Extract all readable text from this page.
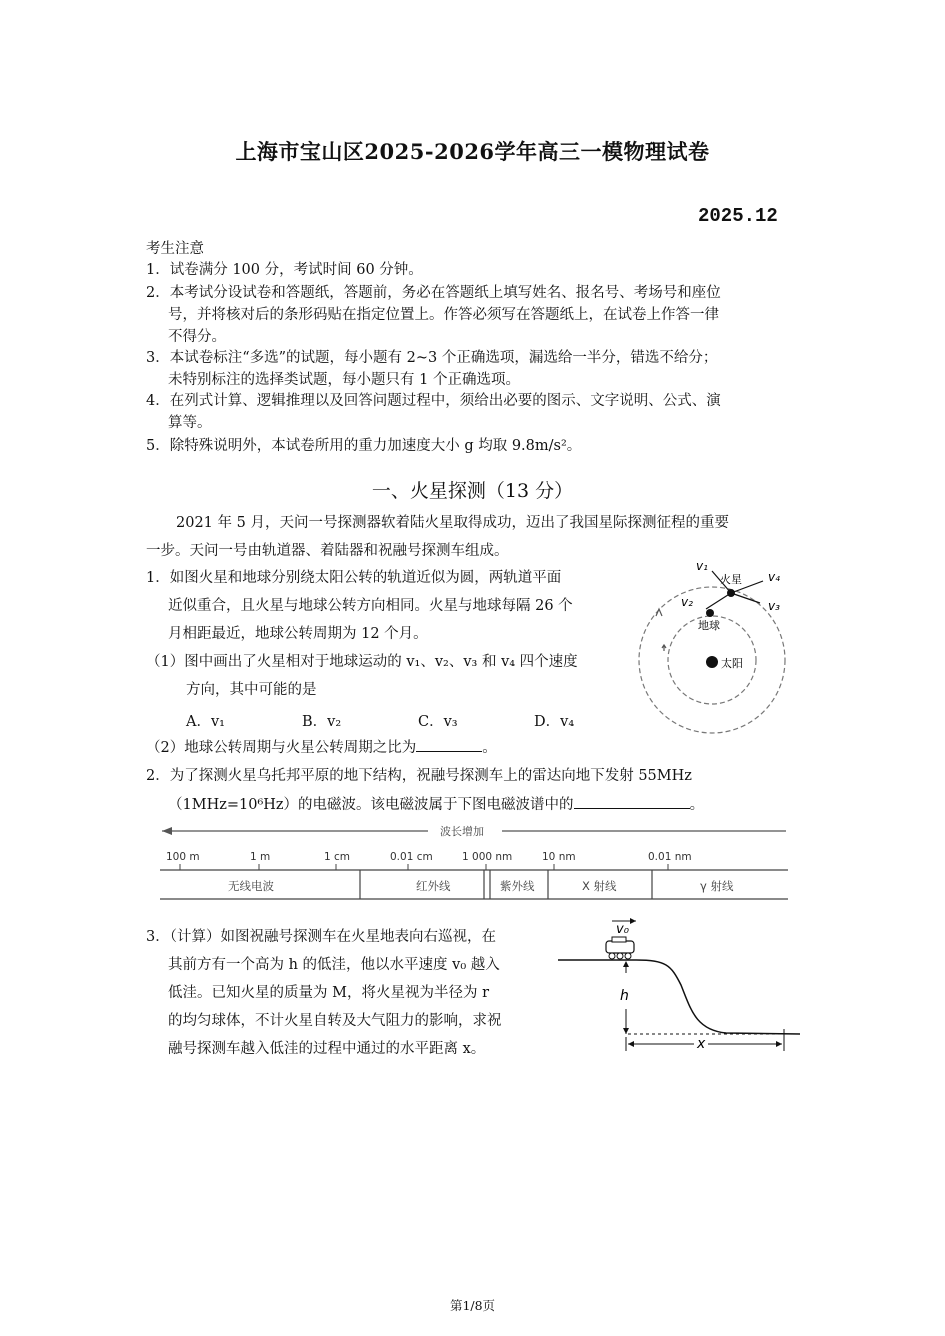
上海市宝山区2025-2026学年高三一模物理试卷
2025.12
考生注意
1．试卷满分 100 分，考试时间 60 分钟。
2．本考试分设试卷和答题纸，答题前，务必在答题纸上填写姓名、报名号、考场号和座位
号，并将核对后的条形码贴在指定位置上。作答必须写在答题纸上，在试卷上作答一律
不得分。
3．本试卷标注“多选”的试题，每小题有 2~3 个正确选项，漏选给一半分，错选不给分；
未特别标注的选择类试题，每小题只有 1 个正确选项。
4．在列式计算、逻辑推理以及回答问题过程中，须给出必要的图示、文字说明、公式、演
算等。
5．除特殊说明外，本试卷所用的重力加速度大小 g 均取 9.8m/s²。
一、火星探测（13 分）
2021 年 5 月，天问一号探测器软着陆火星取得成功，迈出了我国星际探测征程的重要
一步。天问一号由轨道器、着陆器和祝融号探测车组成。
1．如图火星和地球分别绕太阳公转的轨道近似为圆，两轨道平面
近似重合，且火星与地球公转方向相同。火星与地球每隔 26 个
月相距最近，地球公转周期为 12 个月。
（1）图中画出了火星相对于地球运动的 v₁、v₂、v₃ 和 v₄ 四个速度
方向，其中可能的是
A．v₁	B．v₂	C．v₃	D．v₄
（2）地球公转周期与火星公转周期之比为	。
太阳
地球
火星
v₁
v₂	v₃
v₄
2．为了探测火星乌托邦平原的地下结构，祝融号探测车上的雷达向地下发射 55MHz
（1MHz=10⁶Hz）的电磁波。该电磁波属于下图电磁波谱中的	。
波长增加
100 m	1 m	1 cm	0.01 cm	1 000 nm	10 nm	0.01 nm
无线电波	红外线	紫外线	X 射线	γ 射线
3．（计算）如图祝融号探测车在火星地表向右巡视，在
其前方有一个高为 h 的低洼，他以水平速度 v₀ 越入
低洼。已知火星的质量为 M，将火星视为半径为 r
的均匀球体，不计火星自转及大气阻力的影响，求祝
融号探测车越入低洼的过程中通过的水平距离 x。
v₀
h
x
第1/8页
